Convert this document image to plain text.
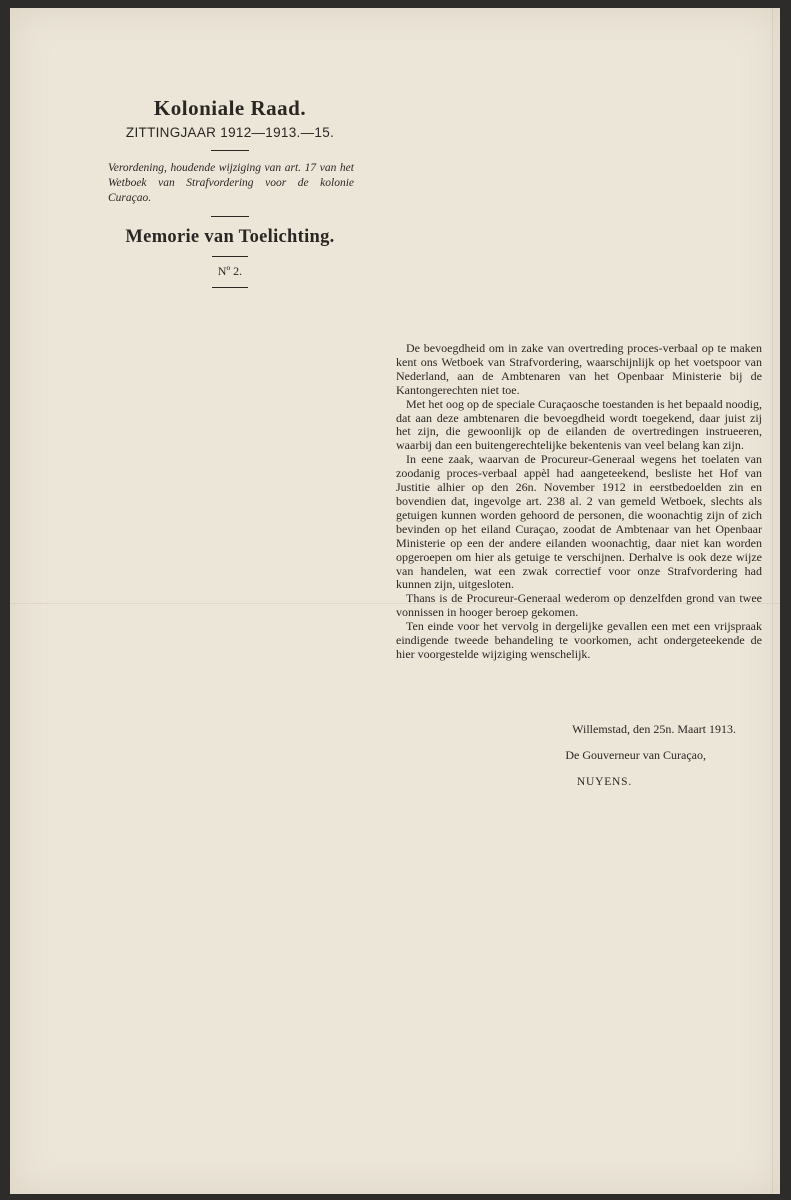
Koloniale Raad.

ZITTINGJAAR 1912—1913.—15.

Verordening, houdende wijziging van art. 17 van het Wetboek van Strafvordering voor de kolonie Curaçao.

Memorie van Toelichting.

Nº 2.

De bevoegdheid om in zake van overtreding proces-verbaal op te maken kent ons Wetboek van Strafvordering, waarschijnlijk op het voetspoor van Nederland, aan de Ambtenaren van het Openbaar Ministerie bij de Kantongerechten niet toe.

Met het oog op de speciale Curaçaosche toestanden is het bepaald noodig, dat aan deze ambtenaren die bevoegdheid wordt toegekend, daar juist zij het zijn, die gewoonlijk op de eilanden de overtredingen instrueeren, waarbij dan een buitengerechtelijke bekentenis van veel belang kan zijn.

In eene zaak, waarvan de Procureur-Generaal wegens het toelaten van zoodanig proces-verbaal appèl had aangeteekend, besliste het Hof van Justitie alhier op den 26n. November 1912 in eerstbedoelden zin en bovendien dat, ingevolge art. 238 al. 2 van gemeld Wetboek, slechts als getuigen kunnen worden gehoord de personen, die woonachtig zijn of zich bevinden op het eiland Curaçao, zoodat de Ambtenaar van het Openbaar Ministerie op een der andere eilanden woonachtig, daar niet kan worden opgeroepen om hier als getuige te verschijnen. Derhalve is ook deze wijze van handelen, wat een zwak correctief voor onze Strafvordering had kunnen zijn, uitgesloten.

Thans is de Procureur-Generaal wederom op denzelfden grond van twee vonnissen in hooger beroep gekomen.

Ten einde voor het vervolg in dergelijke gevallen een met een vrijspraak eindigende tweede behandeling te voorkomen, acht ondergeteekende de hier voorgestelde wijziging wenschelijk.

Willemstad, den 25n. Maart 1913.
De Gouverneur van Curaçao,
NUYENS.
